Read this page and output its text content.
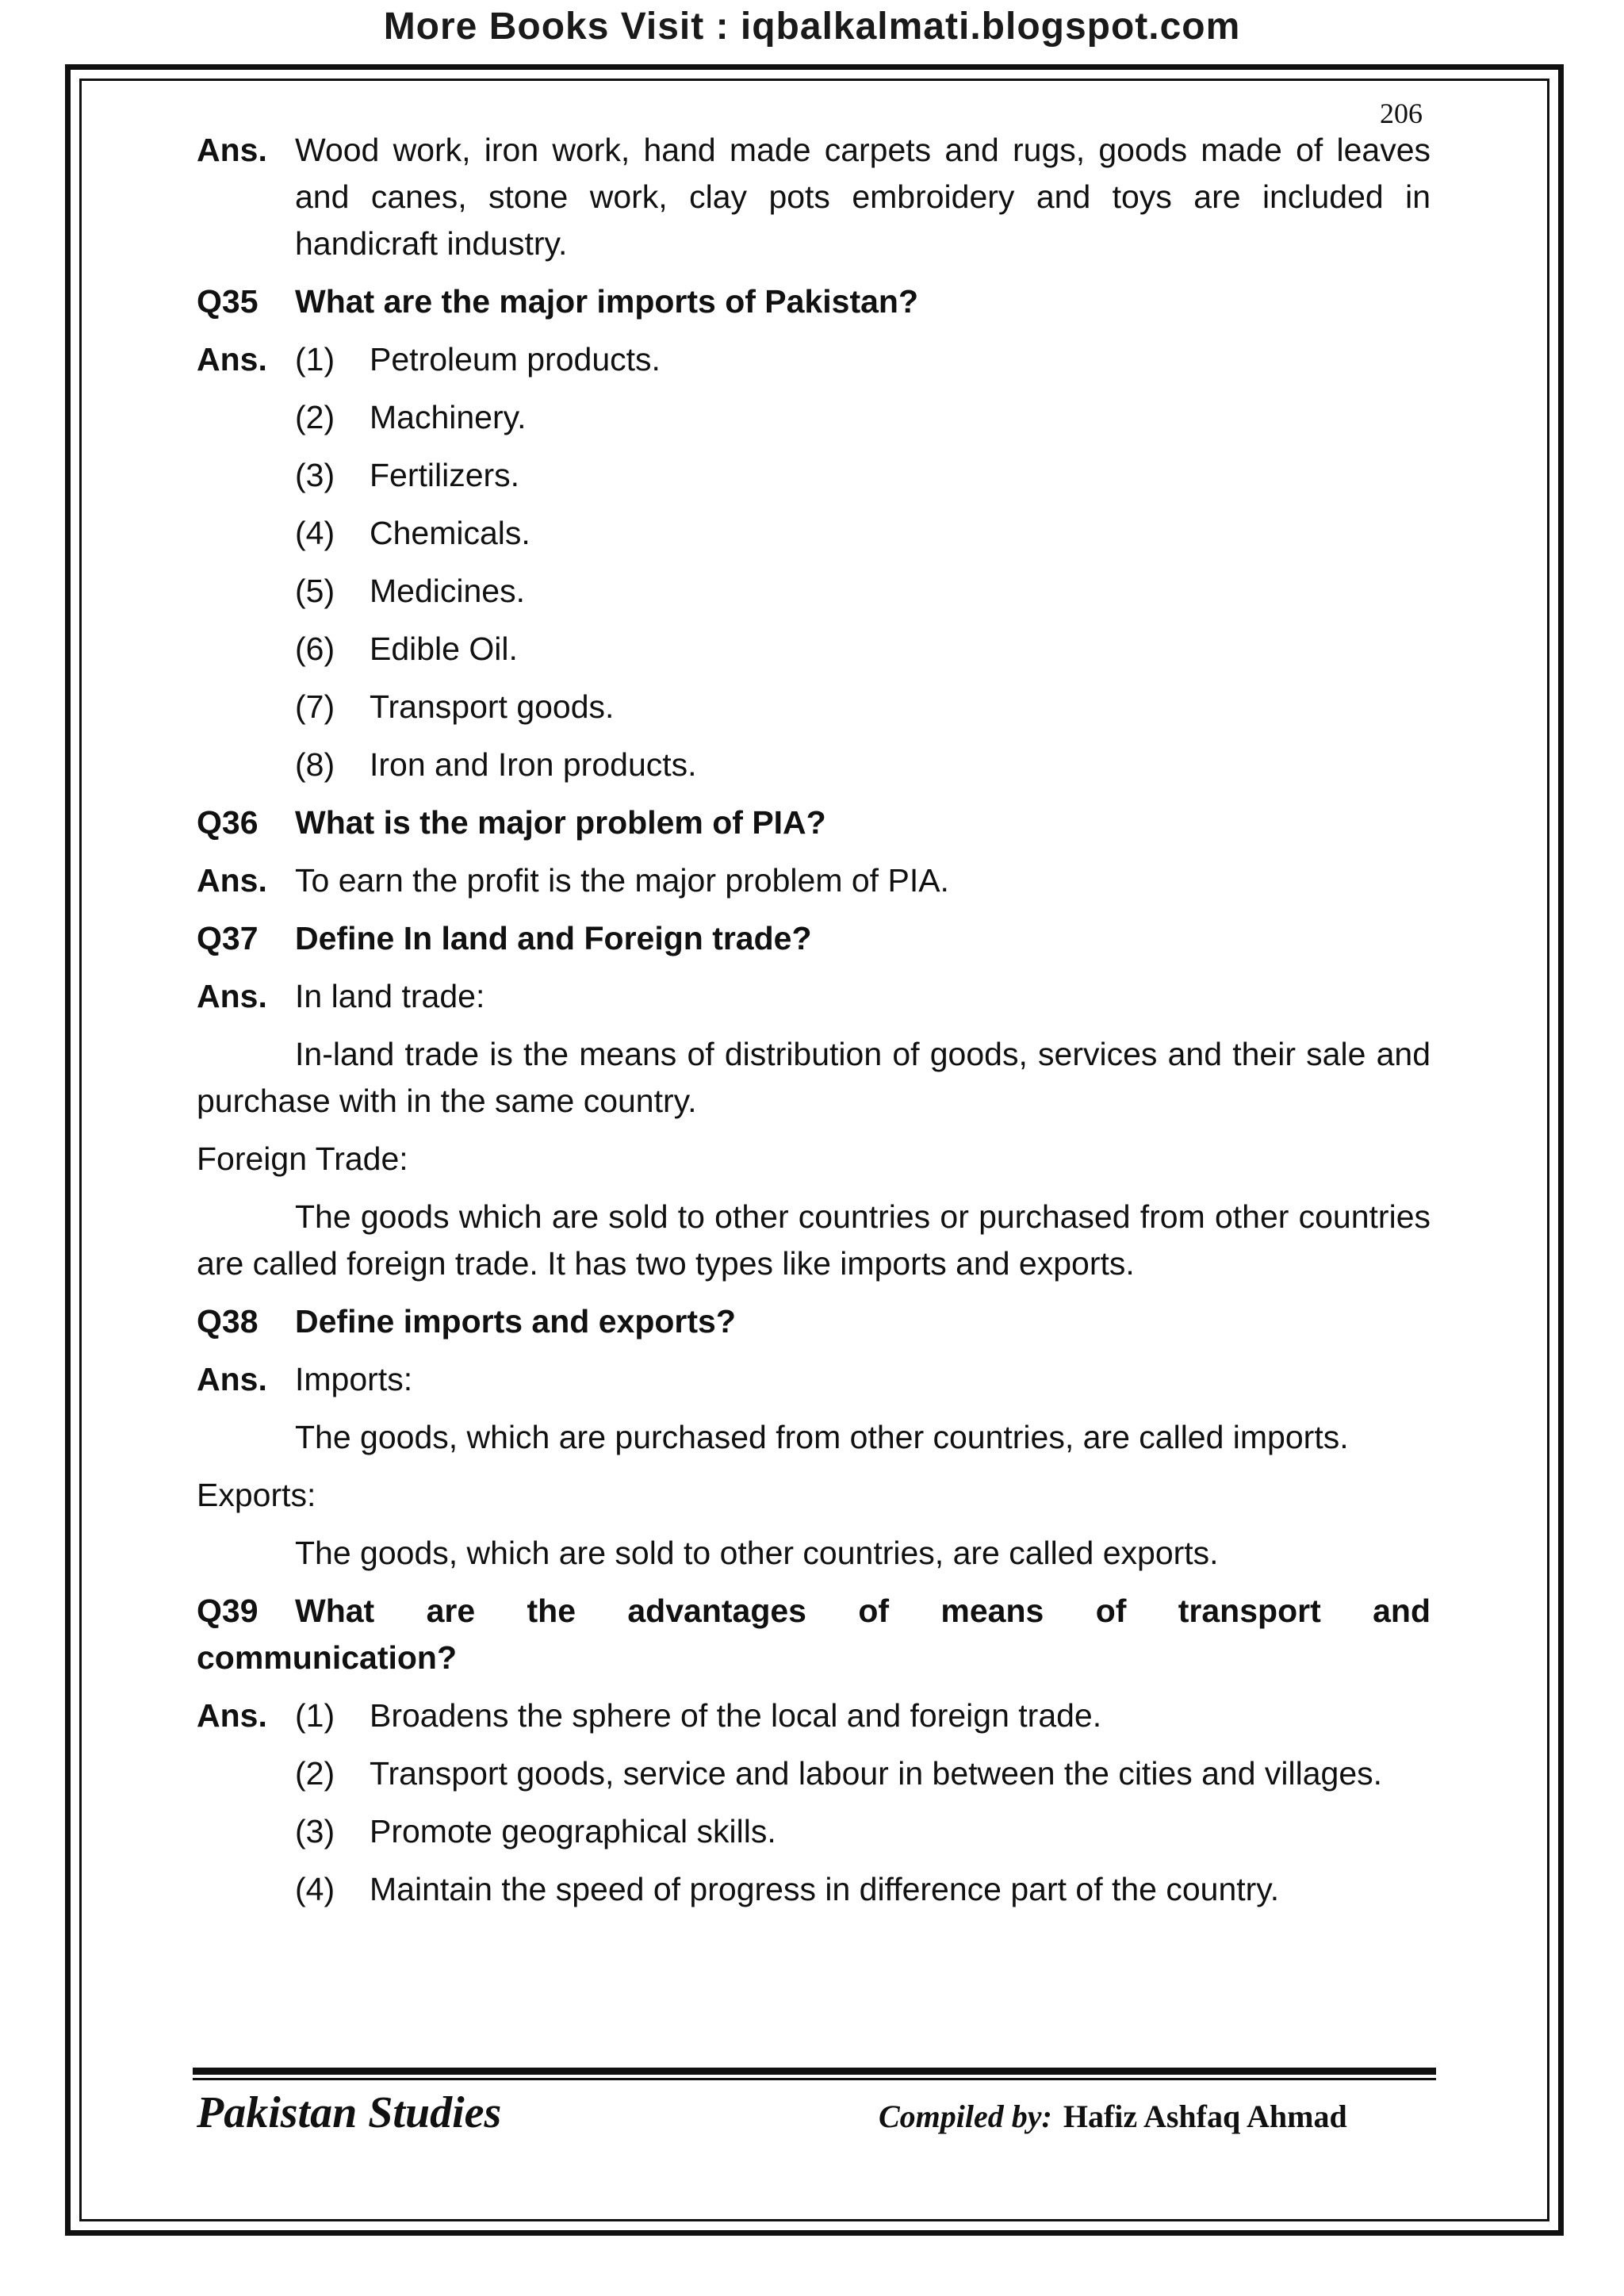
More Books Visit : iqbalkalmati.blogspot.com
206
Ans. Wood work, iron work, hand made carpets and rugs, goods made of leaves and canes, stone work, clay pots embroidery and toys are included in handicraft industry.
Q35	What are the major imports of Pakistan?
Ans. (1)	Petroleum products.
(2)	Machinery.
(3)	Fertilizers.
(4)	Chemicals.
(5)	Medicines.
(6)	Edible Oil.
(7)	Transport goods.
(8)	Iron and Iron products.
Q36	What is the major problem of PIA?
Ans. To earn the profit is the major problem of PIA.
Q37	Define In land and Foreign trade?
Ans. In land trade:
In-land trade is the means of distribution of goods, services and their sale and purchase with in the same country.
Foreign Trade:
The goods which are sold to other countries or purchased from other countries are called foreign trade. It has two types like imports and exports.
Q38	Define imports and exports?
Ans. Imports:
The goods, which are purchased from other countries, are called imports.
Exports:
The goods, which are sold to other countries, are called exports.
Q39	What are the advantages of means of transport and
communication?
Ans. (1)	Broadens the sphere of the local and foreign trade.
(2)	Transport goods, service and labour in between the cities and villages.
(3)	Promote geographical skills.
(4)	Maintain the speed of progress in difference part of the country.
Pakistan Studies	Compiled by: Hafiz Ashfaq Ahmad
